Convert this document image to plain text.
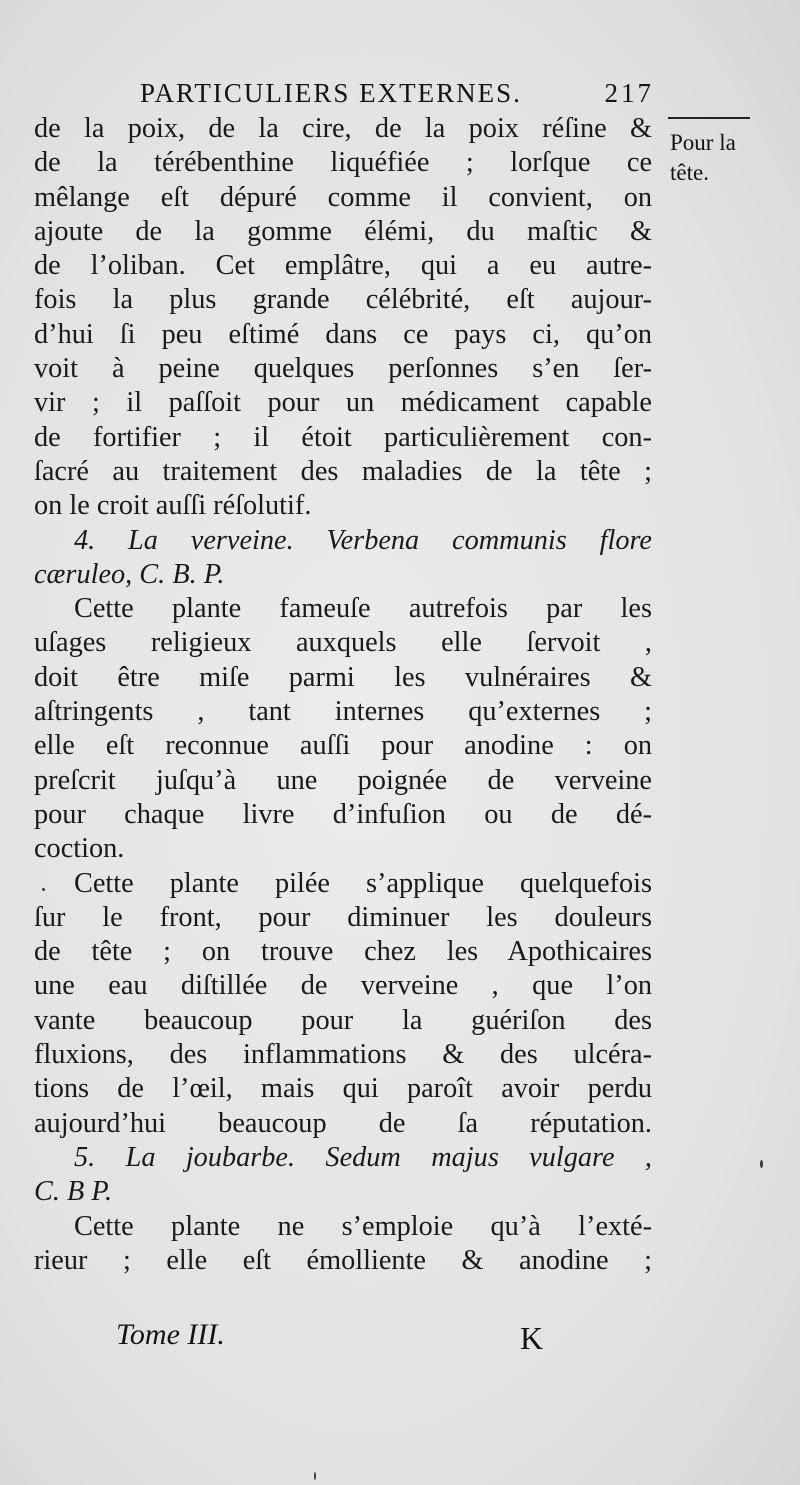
PARTICULIERS EXTERNES.	217
Pour la
tête.
de la poix, de la cire, de la poix réſine &
de la térébenthine liquéfiée ; lorſque ce
mêlange eſt dépuré comme il convient, on
ajoute de la gomme élémi, du maſtic &
de l’oliban. Cet emplâtre, qui a eu autre-
fois la plus grande célébrité, eſt aujour-
d’hui ſi peu eſtimé dans ce pays ci, qu’on
voit à peine quelques perſonnes s’en ſer-
vir ; il paſſoit pour un médicament capable
de fortifier ; il étoit particulièrement con-
ſacré au traitement des maladies de la tête ;
on le croit auſſi réſolutif.
4. La verveine. Verbena communis flore
cæruleo, C. B. P.
Cette plante fameuſe autrefois par les
uſages religieux auxquels elle ſervoit ,
doit être miſe parmi les vulnéraires &
aſtringents , tant internes qu’externes ;
elle eſt reconnue auſſi pour anodine : on
preſcrit juſqu’à une poignée de verveine
pour chaque livre d’infuſion ou de dé-
coction.
Cette plante pilée s’applique quelquefois
ſur le front, pour diminuer les douleurs
de tête ; on trouve chez les Apothicaires
une eau diſtillée de verveine , que l’on
vante beaucoup pour la guériſon des
fluxions, des inflammations & des ulcéra-
tions de l’œil, mais qui paroît avoir perdu
aujourd’hui beaucoup de ſa réputation.
5. La joubarbe. Sedum majus vulgare ,
C. B P.
Cette plante ne s’emploie qu’à l’exté-
rieur ; elle eſt émolliente & anodine ;
Tome III.	K
